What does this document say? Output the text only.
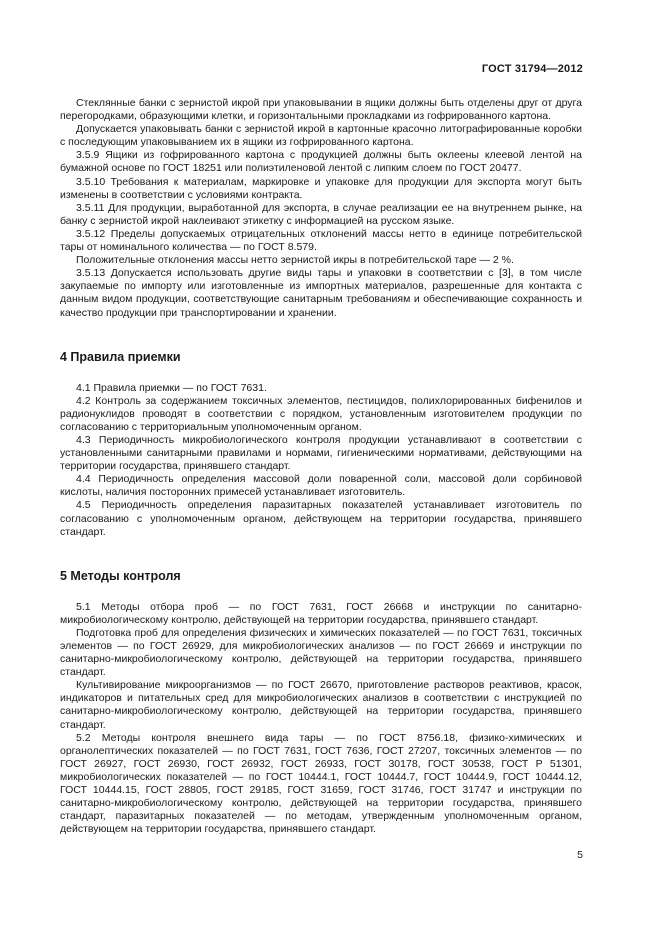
ГОСТ 31794—2012

Стеклянные банки с зернистой икрой при упаковывании в ящики должны быть отделены друг от друга перегородками, образующими клетки, и горизонтальными прокладками из гофрированного картона.

Допускается упаковывать банки с зернистой икрой в картонные красочно литографированные коробки с последующим упаковыванием их в ящики из гофрированного картона.

3.5.9 Ящики из гофрированного картона с продукцией должны быть оклеены клеевой лентой на бумажной основе по ГОСТ 18251 или полиэтиленовой лентой с липким слоем по ГОСТ 20477.

3.5.10 Требования к материалам, маркировке и упаковке для продукции для экспорта могут быть изменены в соответствии с условиями контракта.

3.5.11 Для продукции, выработанной для экспорта, в случае реализации ее на внутреннем рынке, на банку с зернистой икрой наклеивают этикетку с информацией на русском языке.

3.5.12 Пределы допускаемых отрицательных отклонений массы нетто в единице потребительской тары от номинального количества — по ГОСТ 8.579.

Положительные отклонения массы нетто зернистой икры в потребительской таре — 2 %.

3.5.13 Допускается использовать другие виды тары и упаковки в соответствии с [3], в том числе закупаемые по импорту или изготовленные из импортных материалов, разрешенные для контакта с данным видом продукции, соответствующие санитарным требованиям и обеспечивающие сохранность и качество продукции при транспортировании и хранении.

4 Правила приемки

4.1 Правила приемки — по ГОСТ 7631.

4.2 Контроль за содержанием токсичных элементов, пестицидов, полихлорированных бифенилов и радионуклидов проводят в соответствии с порядком, установленным изготовителем продукции по согласованию с территориальным уполномоченным органом.

4.3 Периодичность микробиологического контроля продукции устанавливают в соответствии с установленными санитарными правилами и нормами, гигиеническими нормативами, действующими на территории государства, принявшего стандарт.

4.4 Периодичность определения массовой доли поваренной соли, массовой доли сорбиновой кислоты, наличия посторонних примесей устанавливает изготовитель.

4.5 Периодичность определения паразитарных показателей устанавливает изготовитель по согласованию с уполномоченным органом, действующем на территории государства, принявшего стандарт.

5 Методы контроля

5.1 Методы отбора проб — по ГОСТ 7631, ГОСТ 26668 и инструкции по санитарно-микробиологическому контролю, действующей на территории государства, принявшего стандарт.

Подготовка проб для определения физических и химических показателей — по ГОСТ 7631, токсичных элементов — по ГОСТ 26929, для микробиологических анализов — по ГОСТ 26669 и инструкции по санитарно-микробиологическому контролю, действующей на территории государства, принявшего стандарт.

Культивирование микроорганизмов — по ГОСТ 26670, приготовление растворов реактивов, красок, индикаторов и питательных сред для микробиологических анализов в соответствии с инструкцией по санитарно-микробиологическому контролю, действующей на территории государства, принявшего стандарт.

5.2 Методы контроля внешнего вида тары — по ГОСТ 8756.18, физико-химических и органолептических показателей — по ГОСТ 7631, ГОСТ 7636, ГОСТ 27207, токсичных элементов — по ГОСТ 26927, ГОСТ 26930, ГОСТ 26932, ГОСТ 26933, ГОСТ 30178, ГОСТ 30538, ГОСТ Р 51301, микробиологических показателей — по ГОСТ 10444.1, ГОСТ 10444.7, ГОСТ 10444.9, ГОСТ 10444.12, ГОСТ 10444.15, ГОСТ 28805, ГОСТ 29185, ГОСТ 31659, ГОСТ 31746, ГОСТ 31747 и инструкции по санитарно-микробиологическому контролю, действующей на территории государства, принявшего стандарт, паразитарных показателей — по методам, утвержденным уполномоченным органом, действующем на территории государства, принявшего стандарт.

5
